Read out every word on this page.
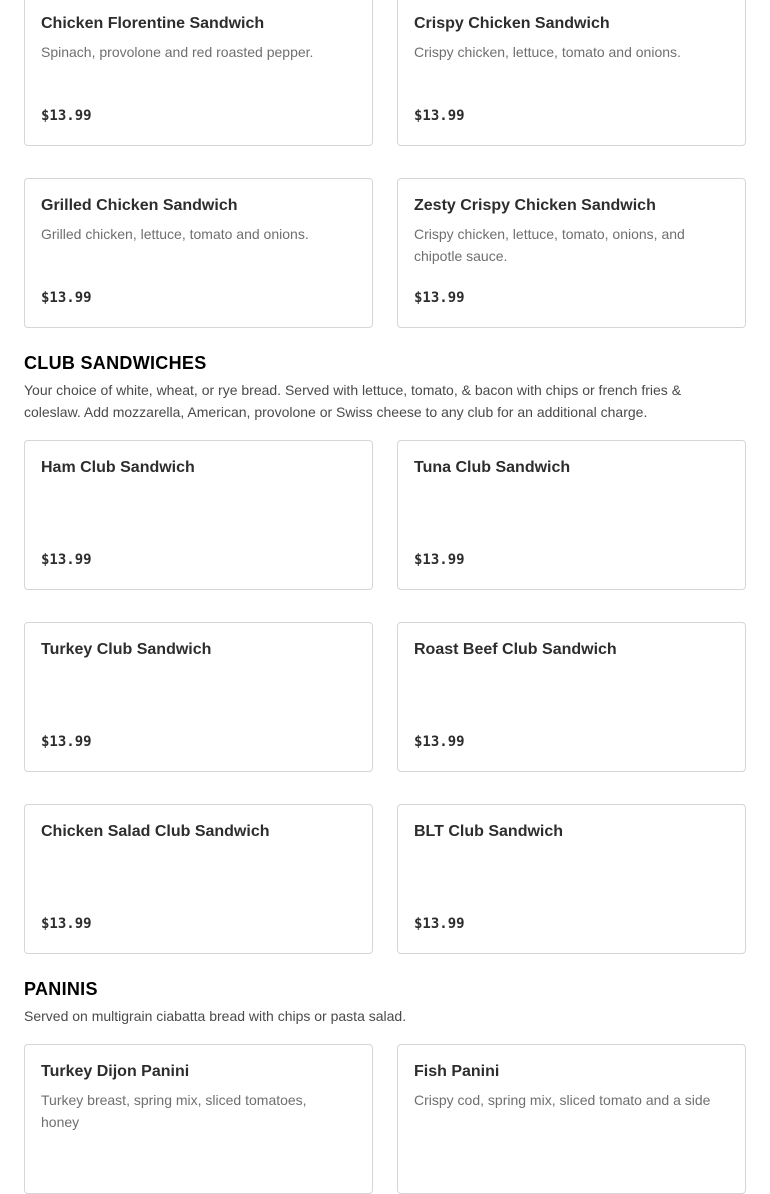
Chicken Florentine Sandwich
Spinach, provolone and red roasted pepper.
$13.99
Crispy Chicken Sandwich
Crispy chicken, lettuce, tomato and onions.
$13.99
Grilled Chicken Sandwich
Grilled chicken, lettuce, tomato and onions.
$13.99
Zesty Crispy Chicken Sandwich
Crispy chicken, lettuce, tomato, onions, and chipotle sauce.
$13.99
CLUB SANDWICHES

Your choice of white, wheat, or rye bread. Served with lettuce, tomato, & bacon with chips or french fries & coleslaw. Add mozzarella, American, provolone or Swiss cheese to any club for an additional charge.

Ham Club Sandwich
$13.99
Tuna Club Sandwich
$13.99
Turkey Club Sandwich
$13.99
Roast Beef Club Sandwich
$13.99
Chicken Salad Club Sandwich
$13.99
BLT Club Sandwich
$13.99
PANINIS

Served on multigrain ciabatta bread with chips or pasta salad.

Turkey Dijon Panini
Turkey breast, spring mix, sliced tomatoes, honey
Fish Panini
Crispy cod, spring mix, sliced tomato and a side
